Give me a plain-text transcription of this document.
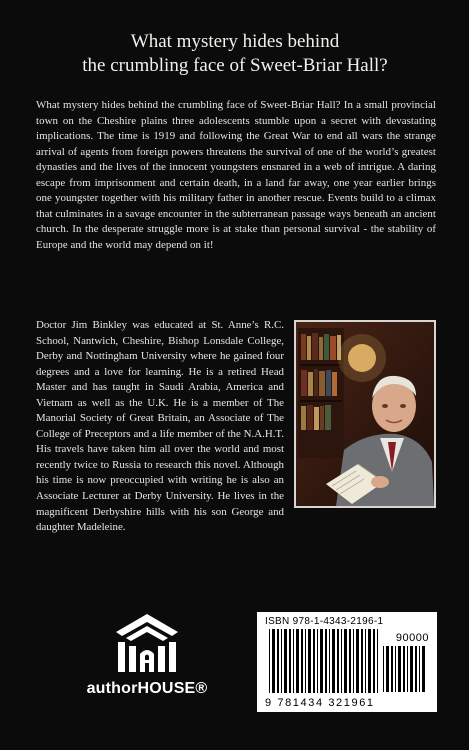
What mystery hides behind
the crumbling face of Sweet-Briar Hall?

What mystery hides behind the crumbling face of Sweet-Briar Hall? In a small provincial town on the Cheshire plains three adolescents stumble upon a secret with devastating implications. The time is 1919 and following the Great War to end all wars the strange arrival of agents from foreign powers threatens the survival of one of the world’s greatest dynasties and the lives of the innocent youngsters ensnared in a web of intrigue. A daring escape from imprisonment and certain death, in a land far away, one year earlier brings one youngster together with his military father in another rescue. Events build to a climax that culminates in a savage encounter in the subterranean passage ways beneath an ancient church. In the desperate struggle more is at stake than personal survival - the stability of Europe and the world may depend on it!

Doctor Jim Binkley was educated at St. Anne’s R.C. School, Nantwich, Cheshire, Bishop Lonsdale College, Derby and Nottingham University where he gained four degrees and a love for learning. He is a retired Head Master and has taught in Saudi Arabia, America and Vietnam as well as the U.K. He is a member of The Manorial Society of Great Britain, an Associate of The College of Preceptors and a life member of the N.A.H.T. His travels have taken him all over the world and most recently twice to Russia to research this novel. Although his time is now preoccupied with writing he is also an Associate Lecturer at Derby University. He lives in the magnificent Derbyshire hills with his son George and daughter Madeleine.

authorHOUSE®
ISBN 978-1-4343-2196-1
90000
9 781434 321961
